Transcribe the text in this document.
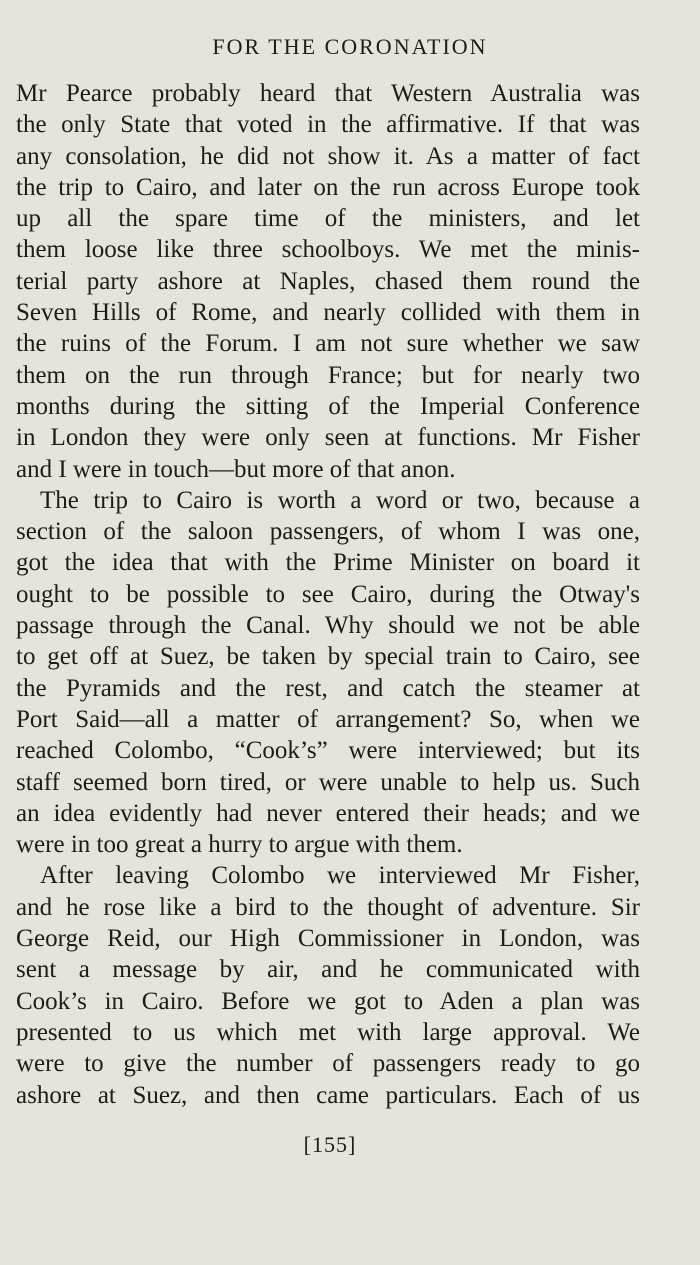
FOR THE CORONATION
Mr Pearce probably heard that Western Australia was
the only State that voted in the affirmative. If that was
any consolation, he did not show it. As a matter of fact
the trip to Cairo, and later on the run across Europe took
up all the spare time of the ministers, and let
them loose like three schoolboys. We met the minis-
terial party ashore at Naples, chased them round the
Seven Hills of Rome, and nearly collided with them in
the ruins of the Forum. I am not sure whether we saw
them on the run through France; but for nearly two
months during the sitting of the Imperial Conference
in London they were only seen at functions. Mr Fisher
and I were in touch—but more of that anon.
The trip to Cairo is worth a word or two, because a
section of the saloon passengers, of whom I was one,
got the idea that with the Prime Minister on board it
ought to be possible to see Cairo, during the Otway's
passage through the Canal. Why should we not be able
to get off at Suez, be taken by special train to Cairo, see
the Pyramids and the rest, and catch the steamer at
Port Said—all a matter of arrangement? So, when we
reached Colombo, “Cook’s” were interviewed; but its
staff seemed born tired, or were unable to help us. Such
an idea evidently had never entered their heads; and we
were in too great a hurry to argue with them.
After leaving Colombo we interviewed Mr Fisher,
and he rose like a bird to the thought of adventure. Sir
George Reid, our High Commissioner in London, was
sent a message by air, and he communicated with
Cook’s in Cairo. Before we got to Aden a plan was
presented to us which met with large approval. We
were to give the number of passengers ready to go
ashore at Suez, and then came particulars. Each of us
[155]
